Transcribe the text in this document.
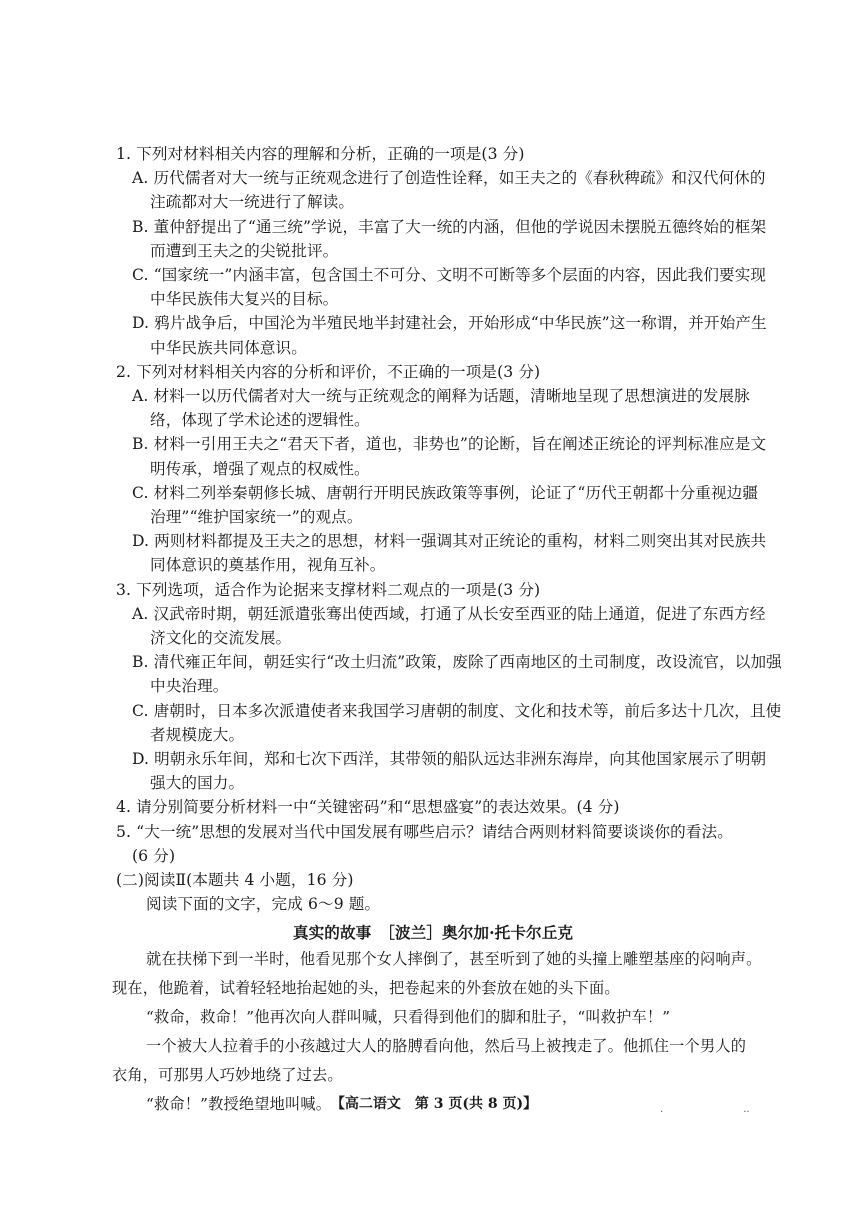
1. 下列对材料相关内容的理解和分析，正确的一项是(3 分)
A. 历代儒者对大一统与正统观念进行了创造性诠释，如王夫之的《春秋稗疏》和汉代何休的
注疏都对大一统进行了解读。
B. 董仲舒提出了“通三统”学说，丰富了大一统的内涵，但他的学说因未摆脱五德终始的框架
而遭到王夫之的尖锐批评。
C. “国家统一”内涵丰富，包含国土不可分、文明不可断等多个层面的内容，因此我们要实现
中华民族伟大复兴的目标。
D. 鸦片战争后，中国沦为半殖民地半封建社会，开始形成“中华民族”这一称谓，并开始产生
中华民族共同体意识。
2. 下列对材料相关内容的分析和评价，不正确的一项是(3 分)
A. 材料一以历代儒者对大一统与正统观念的阐释为话题，清晰地呈现了思想演进的发展脉
络，体现了学术论述的逻辑性。
B. 材料一引用王夫之“君天下者，道也，非势也”的论断，旨在阐述正统论的评判标准应是文
明传承，增强了观点的权威性。
C. 材料二列举秦朝修长城、唐朝行开明民族政策等事例，论证了“历代王朝都十分重视边疆
治理”“维护国家统一”的观点。
D. 两则材料都提及王夫之的思想，材料一强调其对正统论的重构，材料二则突出其对民族共
同体意识的奠基作用，视角互补。
3. 下列选项，适合作为论据来支撑材料二观点的一项是(3 分)
A. 汉武帝时期，朝廷派遣张骞出使西域，打通了从长安至西亚的陆上通道，促进了东西方经
济文化的交流发展。
B. 清代雍正年间，朝廷实行“改土归流”政策，废除了西南地区的土司制度，改设流官，以加强
中央治理。
C. 唐朝时，日本多次派遣使者来我国学习唐朝的制度、文化和技术等，前后多达十几次，且使
者规模庞大。
D. 明朝永乐年间，郑和七次下西洋，其带领的船队远达非洲东海岸，向其他国家展示了明朝
强大的国力。
4. 请分别简要分析材料一中“关键密码”和“思想盛宴”的表达效果。(4 分)
5. “大一统”思想的发展对当代中国发展有哪些启示？请结合两则材料简要谈谈你的看法。
(6 分)
(二)阅读Ⅱ(本题共 4 小题，16 分)
阅读下面的文字，完成 6～9 题。
真实的故事　［波兰］奥尔加·托卡尔丘克
就在扶梯下到一半时，他看见那个女人摔倒了，甚至听到了她的头撞上雕塑基座的闷响声。
现在，他跪着，试着轻轻地抬起她的头，把卷起来的外套放在她的头下面。
“救命，救命！”他再次向人群叫喊，只看得到他们的脚和肚子，“叫救护车！”
一个被大人拉着手的小孩越过大人的胳膊看向他，然后马上被拽走了。他抓住一个男人的
衣角，可那男人巧妙地绕了过去。
“救命！”教授绝望地叫喊。 【高二语文　第 3 页(共 8 页)】	.	..
